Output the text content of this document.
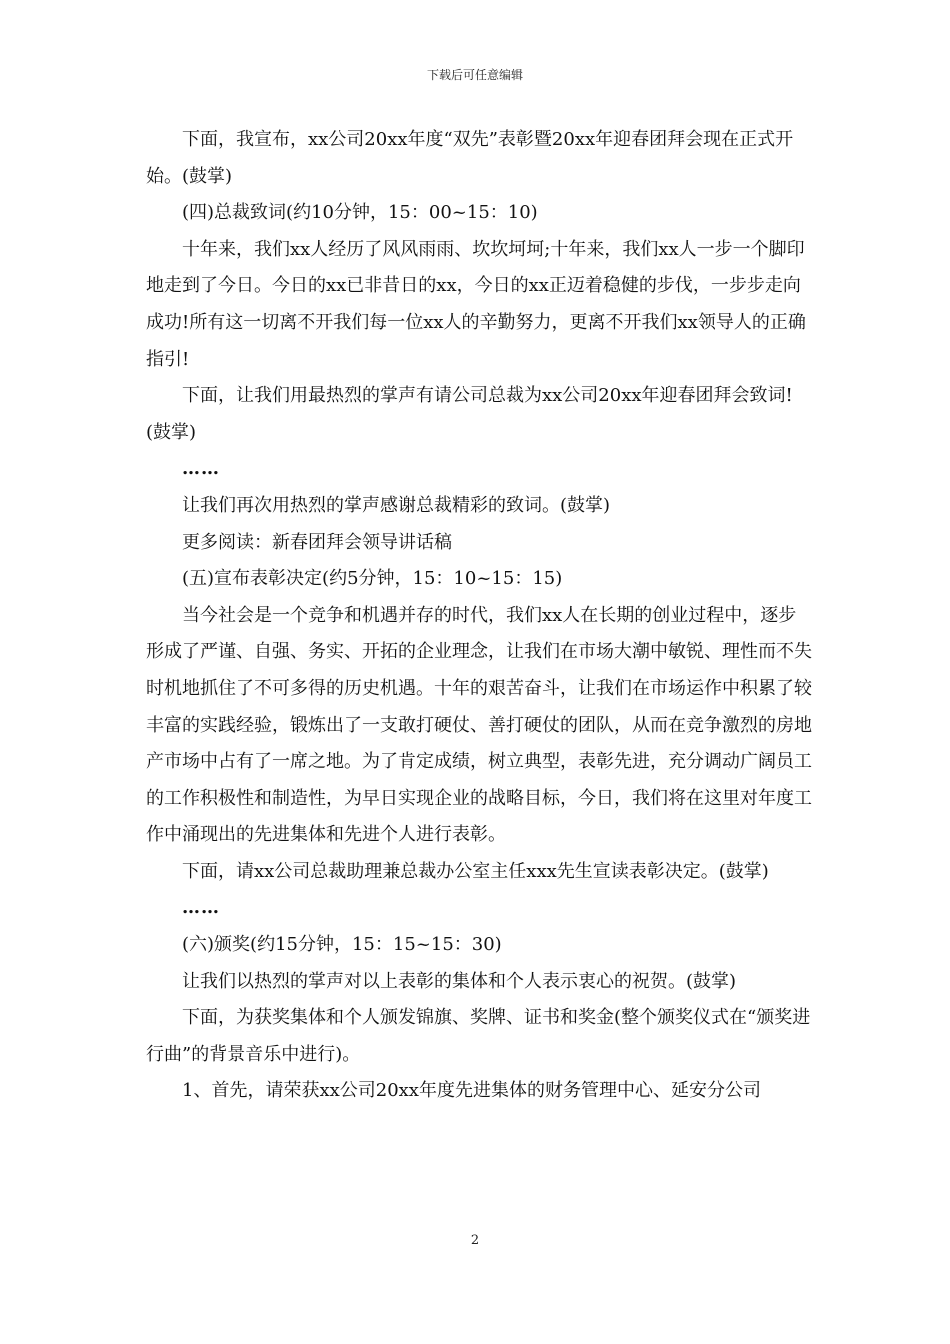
下载后可任意编辑

下面，我宣布，xx公司20xx年度“双先”表彰暨20xx年迎春团拜会现在正式开始。(鼓掌)

(四)总裁致词(约10分钟，15：00~15：10)

十年来，我们xx人经历了风风雨雨、坎坎坷坷;十年来，我们xx人一步一个脚印地走到了今日。今日的xx已非昔日的xx，今日的xx正迈着稳健的步伐，一步步走向成功!所有这一切离不开我们每一位xx人的辛勤努力，更离不开我们xx领导人的正确指引!

下面，让我们用最热烈的掌声有请公司总裁为xx公司20xx年迎春团拜会致词!(鼓掌)

……

让我们再次用热烈的掌声感谢总裁精彩的致词。(鼓掌)

更多阅读：新春团拜会领导讲话稿

(五)宣布表彰决定(约5分钟，15：10~15：15)

当今社会是一个竞争和机遇并存的时代，我们xx人在长期的创业过程中，逐步形成了严谨、自强、务实、开拓的企业理念，让我们在市场大潮中敏锐、理性而不失时机地抓住了不可多得的历史机遇。十年的艰苦奋斗，让我们在市场运作中积累了较丰富的实践经验，锻炼出了一支敢打硬仗、善打硬仗的团队，从而在竞争激烈的房地产市场中占有了一席之地。为了肯定成绩，树立典型，表彰先进，充分调动广阔员工的工作积极性和制造性，为早日实现企业的战略目标，今日，我们将在这里对年度工作中涌现出的先进集体和先进个人进行表彰。

下面，请xx公司总裁助理兼总裁办公室主任xxx先生宣读表彰决定。(鼓掌)

……

(六)颁奖(约15分钟，15：15~15：30)

让我们以热烈的掌声对以上表彰的集体和个人表示衷心的祝贺。(鼓掌)

下面，为获奖集体和个人颁发锦旗、奖牌、证书和奖金(整个颁奖仪式在“颁奖进行曲”的背景音乐中进行)。

1、首先，请荣获xx公司20xx年度先进集体的财务管理中心、延安分公司

2
